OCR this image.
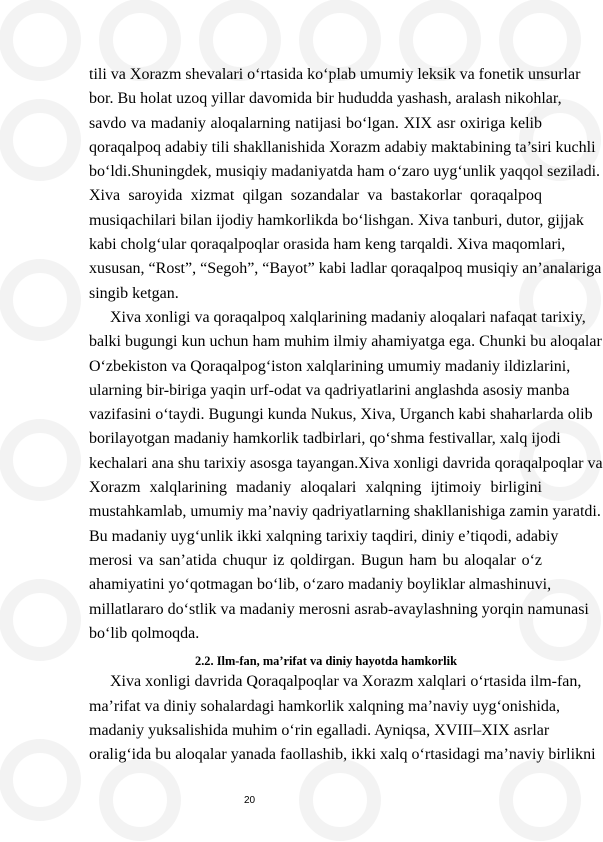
tili va Xorazm shevalari o‘rtasida ko‘plab umumiy leksik va fonetik unsurlar
bor. Bu holat uzoq yillar davomida bir hududda yashash, aralash nikohlar,
savdo va madaniy aloqalarning natijasi bo‘lgan. XIX asr oxiriga kelib
qoraqalpoq adabiy tili shakllanishida Xorazm adabiy maktabining ta’siri kuchli
bo‘ldi.Shuningdek, musiqiy madaniyatda ham o‘zaro uyg‘unlik yaqqol seziladi.
Xiva saroyida xizmat qilgan sozandalar va bastakorlar qoraqalpoq
musiqachilari bilan ijodiy hamkorlikda bo‘lishgan. Xiva tanburi, dutor, gijjak
kabi cholg‘ular qoraqalpoqlar orasida ham keng tarqaldi. Xiva maqomlari,
xususan, “Rost”, “Segoh”, “Bayot” kabi ladlar qoraqalpoq musiqiy an’analariga
singib ketgan.
Xiva xonligi va qoraqalpoq xalqlarining madaniy aloqalari nafaqat tarixiy,
balki bugungi kun uchun ham muhim ilmiy ahamiyatga ega. Chunki bu aloqalar
O‘zbekiston va Qoraqalpog‘iston xalqlarining umumiy madaniy ildizlarini,
ularning bir-biriga yaqin urf-odat va qadriyatlarini anglashda asosiy manba
vazifasini o‘taydi. Bugungi kunda Nukus, Xiva, Urganch kabi shaharlarda olib
borilayotgan madaniy hamkorlik tadbirlari, qo‘shma festivallar, xalq ijodi
kechalari ana shu tarixiy asosga tayangan.Xiva xonligi davrida qoraqalpoqlar va
Xorazm xalqlarining madaniy aloqalari xalqning ijtimoiy birligini
mustahkamlab, umumiy ma’naviy qadriyatlarning shakllanishiga zamin yaratdi.
Bu madaniy uyg‘unlik ikki xalqning tarixiy taqdiri, diniy e’tiqodi, adabiy
merosi va san’atida chuqur iz qoldirgan. Bugun ham bu aloqalar o‘z
ahamiyatini yo‘qotmagan bo‘lib, o‘zaro madaniy boyliklar almashinuvi,
millatlararo do‘stlik va madaniy merosni asrab-avaylashning yorqin namunasi
bo‘lib qolmoqda.
2.2. Ilm-fan, ma’rifat va diniy hayotda hamkorlik
Xiva xonligi davrida Qoraqalpoqlar va Xorazm xalqlari o‘rtasida ilm-fan,
ma’rifat va diniy sohalardagi hamkorlik xalqning ma’naviy uyg‘onishida,
madaniy yuksalishida muhim o‘rin egalladi. Ayniqsa, XVIII–XIX asrlar
oralig‘ida bu aloqalar yanada faollashib, ikki xalq o‘rtasidagi ma’naviy birlikni
20
